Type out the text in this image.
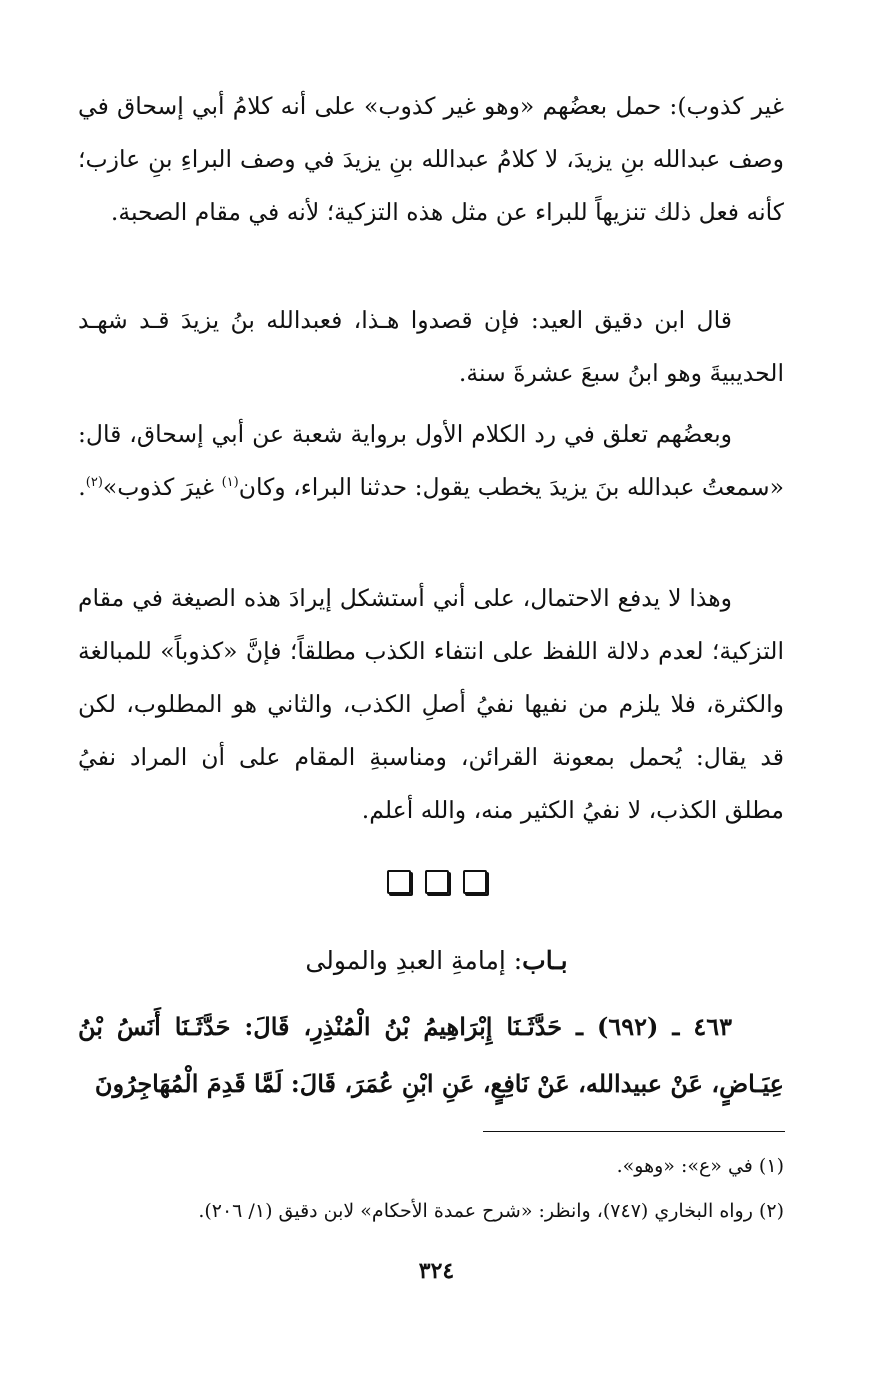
غير كذوب): حمل بعضُهم «وهو غير كذوب» على أنه كلامُ أبي إسحاق في وصف عبدالله بنِ يزيدَ، لا كلامُ عبدالله بنِ يزيدَ في وصف البراءِ بنِ عازب؛ كأنه فعل ذلك تنزيهاً للبراء عن مثل هذه التزكية؛ لأنه في مقام الصحبة.
قال ابن دقيق العيد: فإن قصدوا هـذا، فعبدالله بنُ يزيدَ قـد شهـد الحديبيةَ وهو ابنُ سبعَ عشرةَ سنة.
وبعضُهم تعلق في رد الكلام الأول برواية شعبة عن أبي إسحاق، قال: «سمعتُ عبدالله بنَ يزيدَ يخطب يقول: حدثنا البراء، وكان$^{(١)}$ غيرَ كذوب»$^{(٢)}$.
وهذا لا يدفع الاحتمال، على أني أستشكل إيرادَ هذه الصيغة في مقام التزكية؛ لعدم دلالة اللفظ على انتفاء الكذب مطلقاً؛ فإنَّ «كذوباً» للمبالغة والكثرة، فلا يلزم من نفيها نفيُ أصلِ الكذب، والثاني هو المطلوب، لكن قد يقال: يُحمل بمعونة القرائن، ومناسبةِ المقام على أن المراد نفيُ مطلق الكذب، لا نفيُ الكثير منه، والله أعلم.
بـاب: إمامةِ العبدِ والمولى
٤٦٣ ـ (٦٩٢) ـ حَدَّثَـنَا إِبْرَاهِيمُ بْنُ الْمُنْذِرِ، قَالَ: حَدَّثَـنَا أَنَسُ بْنُ عِيَـاضٍ، عَنْ عبيدالله، عَنْ نَافِعٍ، عَنِ ابْنِ عُمَرَ، قَالَ: لَمَّا قَدِمَ الْمُهَاجِرُونَ
(١) في «ع»: «وهو».
(٢) رواه البخاري (٧٤٧)، وانظر: «شرح عمدة الأحكام» لابن دقيق (١/ ٢٠٦).
٣٢٤
